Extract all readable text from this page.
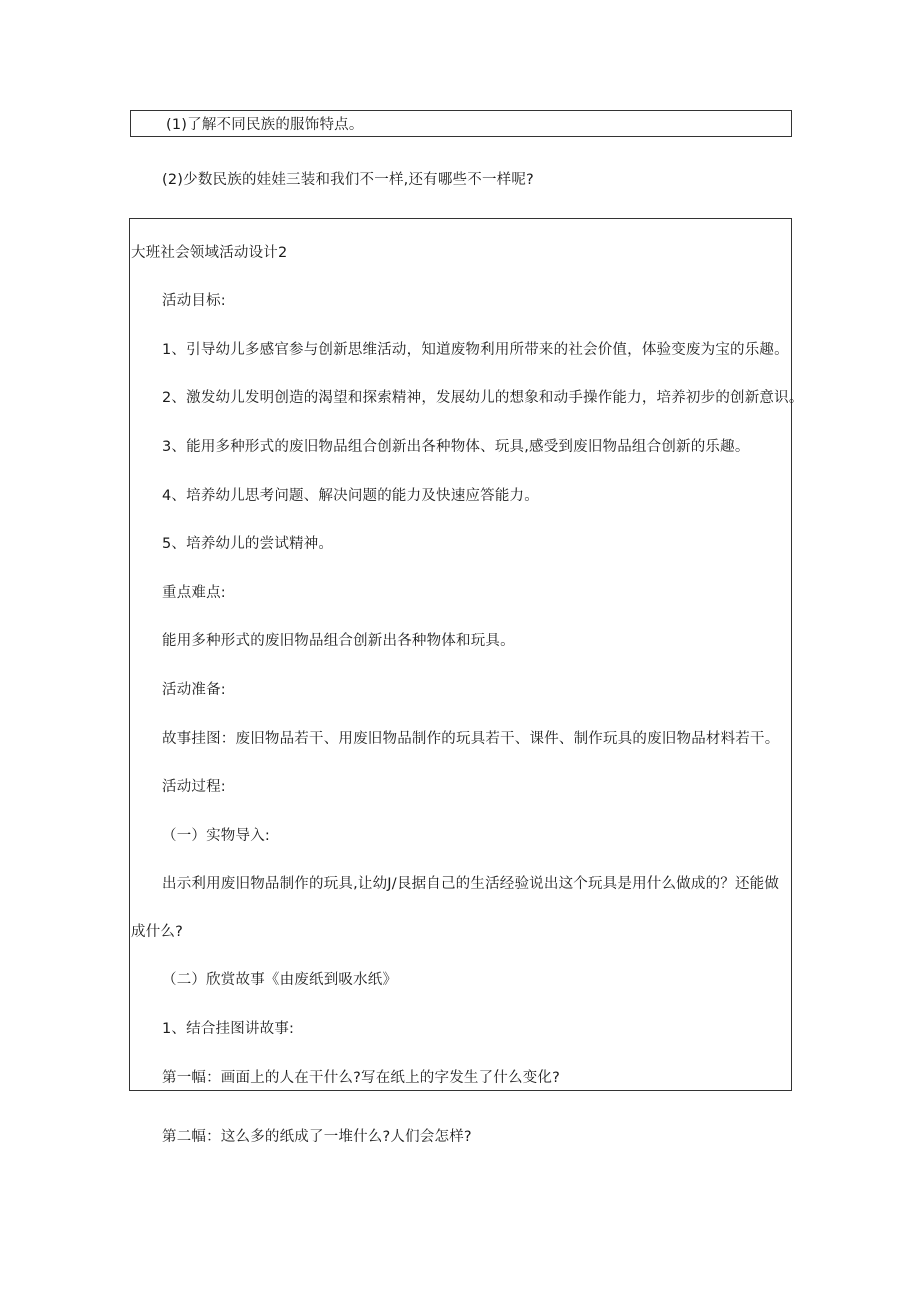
(1)了解不同民族的服饰特点。
(2)少数民族的娃娃三装和我们不一样,还有哪些不一样呢?
大班社会领域活动设计2
活动目标:
1、引导幼儿多感官参与创新思维活动，知道废物利用所带来的社会价值，体验变废为宝的乐趣。
2、激发幼儿发明创造的渴望和探索精神，发展幼儿的想象和动手操作能力，培养初步的创新意识。
3、能用多种形式的废旧物品组合创新出各种物体、玩具,感受到废旧物品组合创新的乐趣。
4、培养幼儿思考问题、解决问题的能力及快速应答能力。
5、培养幼儿的尝试精神。
重点难点:
能用多种形式的废旧物品组合创新出各种物体和玩具。
活动准备:
故事挂图：废旧物品若干、用废旧物品制作的玩具若干、课件、制作玩具的废旧物品材料若干。
活动过程:
（一）实物导入:
出示利用废旧物品制作的玩具,让幼J/艮据自己的生活经验说出这个玩具是用什么做成的？还能做
成什么?
（二）欣赏故事《由废纸到吸水纸》
1、结合挂图讲故事:
第一幅：画面上的人在干什么?写在纸上的字发生了什么变化?
第二幅：这么多的纸成了一堆什么?人们会怎样?
